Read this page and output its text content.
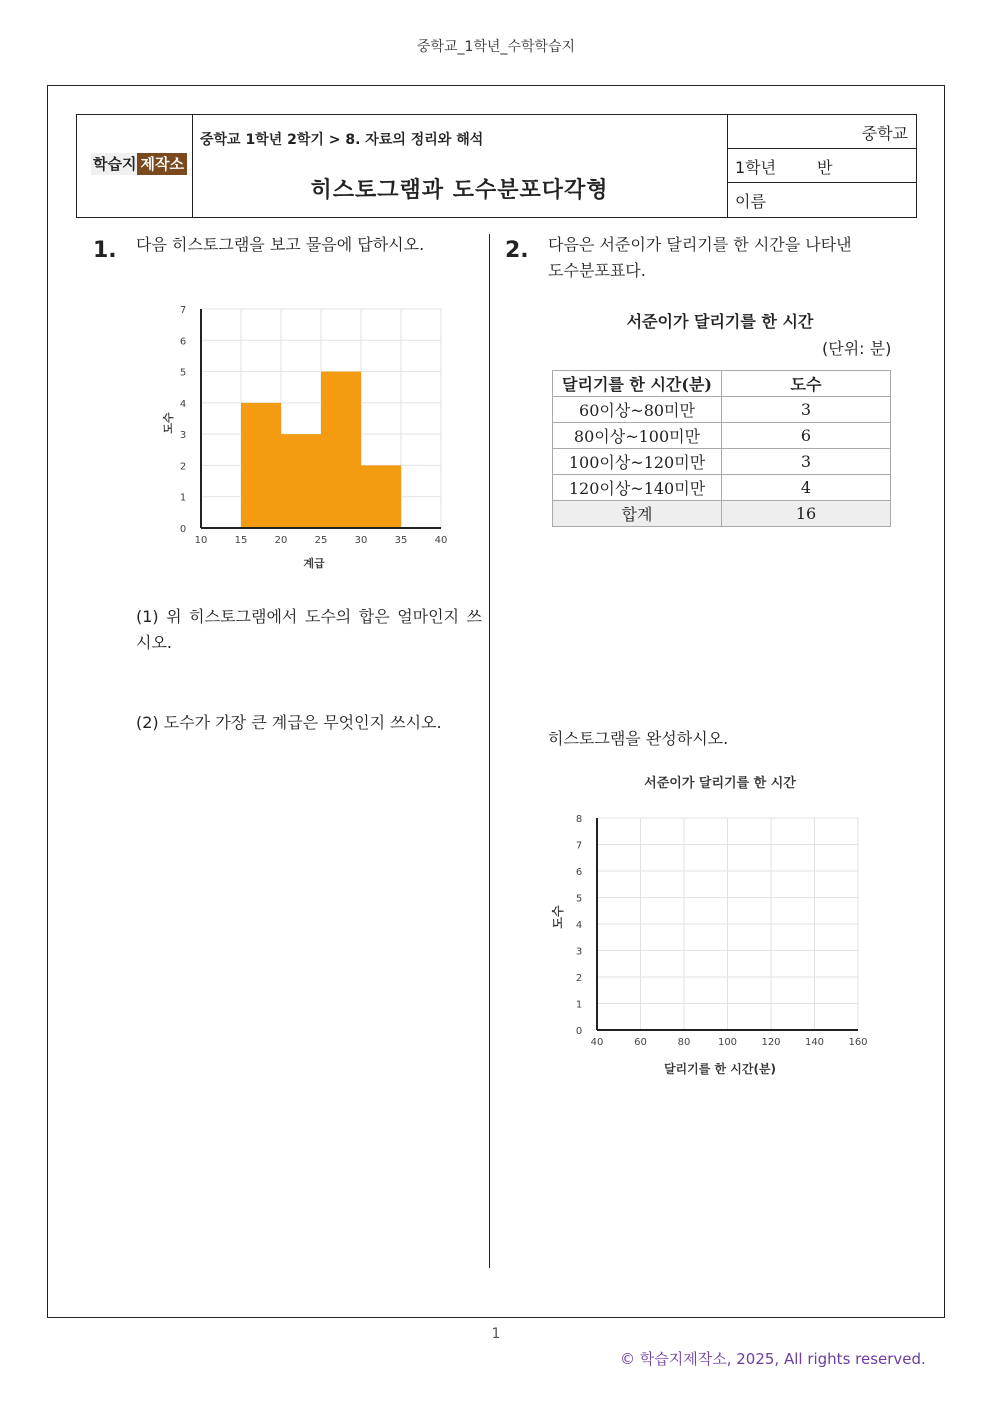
중학교_1학년_수학학습지
학습지 제작소
중학교 1학년 2학기 > 8. 자료의 정리와 해석
히스토그램과 도수분포다각형
중학교
1학년	반
이름
1. 다음 히스토그램을 보고 물음에 답하시오.
10	15	20	25	30	35	40
0
1
2
3
4
5
6
7
계급
도수
(1) 위 히스토그램에서 도수의 합은 얼마인지 쓰시오.
(2) 도수가 가장 큰 계급은 무엇인지 쓰시오.
2. 다음은 서준이가 달리기를 한 시간을 나타낸
도수분포표다.
서준이가 달리기를 한 시간
(단위: 분)
달리기를 한 시간(분)	도수
60이상~80미만	3
80이상~100미만	6
100이상~120미만	3
120이상~140미만	4
합계	16
히스토그램을 완성하시오.
서준이가 달리기를 한 시간
40	60	80	100 120 140 160
0
1
2
3
4
5
6
7
8
달리기를 한 시간(분)
도수
1
© 학습지제작소, 2025, All rights reserved.
